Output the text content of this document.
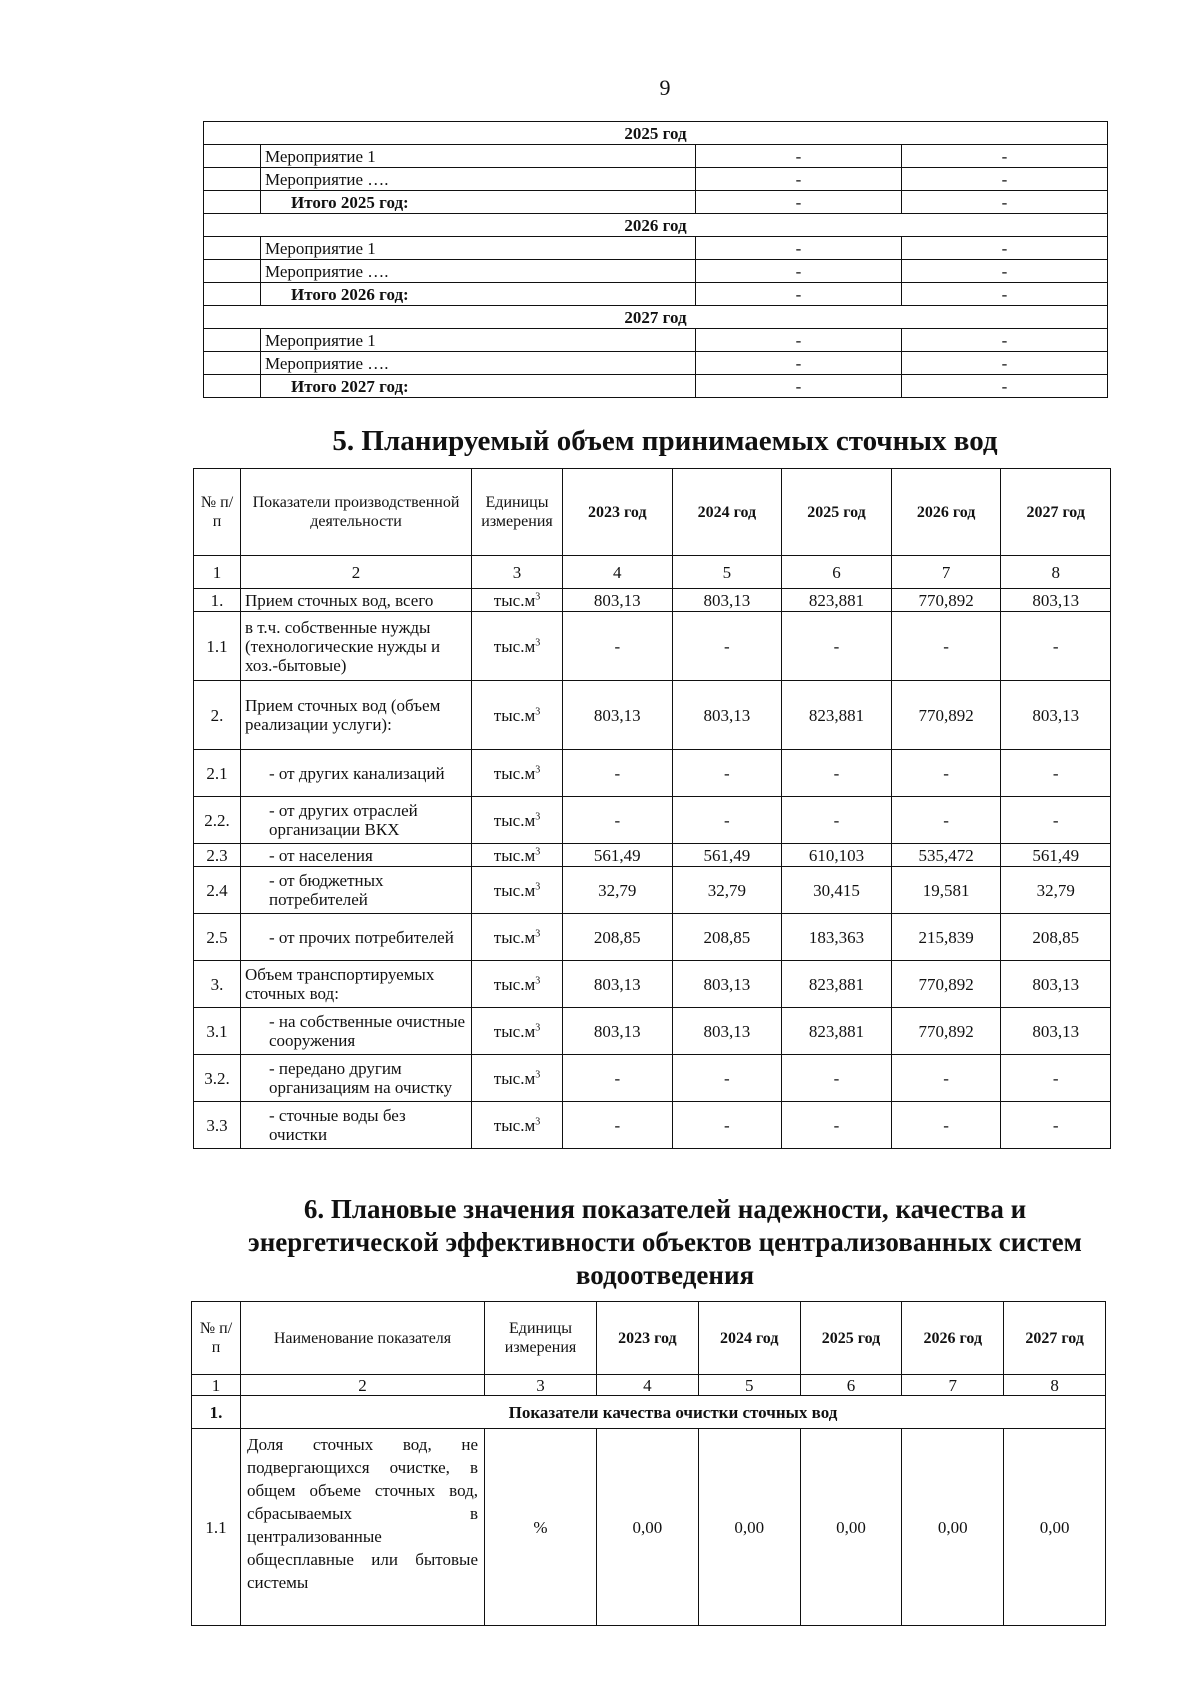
9
2025 год			
	Мероприятие 1	-	-
	Мероприятие ….	-	-
	Итого 2025 год:	-	-
2026 год			
	Мероприятие 1	-	-
	Мероприятие ….	-	-
	Итого 2026 год:	-	-
2027 год			
	Мероприятие 1	-	-
	Мероприятие ….	-	-
	Итого 2027 год:	-	-
5. Планируемый объем принимаемых сточных вод
№ п/п	Показатели производственной деятельности	Единицы измерения	2023 год	2024 год	2025 год	2026 год	2027 год
1	2	3	4	5	6	7	8
1.	Прием сточных вод, всего	$тыс.м^3$	803,13	803,13	823,881	770,892	803,13
1.1	в т.ч. собственные нужды (технологические нужды и хоз.-бытовые)	$тыс.м^3$	-	-	-	-	-
2.	Прием сточных вод (объем реализации услуги):	$тыс.м^3$	803,13	803,13	823,881	770,892	803,13
2.1	- от других канализаций	$тыс.м^3$	-	-	-	-	-
2.2.	- от других отраслей организации ВКХ	$тыс.м^3$	-	-	-	-	-
2.3	- от населения	$тыс.м^3$	561,49	561,49	610,103	535,472	561,49
2.4	- от бюджетных потребителей	$тыс.м^3$	32,79	32,79	30,415	19,581	32,79
2.5	- от прочих потребителей	$тыс.м^3$	208,85	208,85	183,363	215,839	208,85
3.	Объем транспортируемых сточных вод:	$тыс.м^3$	803,13	803,13	823,881	770,892	803,13
3.1	- на собственные очистные сооружения	$тыс.м^3$	803,13	803,13	823,881	770,892	803,13
3.2.	- передано другим организациям на очистку	$тыс.м^3$	-	-	-	-	-
3.3	- сточные воды без очистки	$тыс.м^3$	-	-	-	-	-
6. Плановые значения показателей надежности, качества и
энергетической эффективности объектов централизованных систем
водоотведения
№ п/ п	Наименование показателя	Единицы измерения	2023 год	2024 год	2025 год	2026 год	2027 год
1	2	3	4	5	6	7	8
1.	Показатели качества очистки сточных вод						
1.1	Доля сточных вод, не подвергающихся очистке, в общем объеме сточных вод, сбрасываемых в централизованные общесплавные или бытовые системы	%	0,00	0,00	0,00	0,00	0,00
